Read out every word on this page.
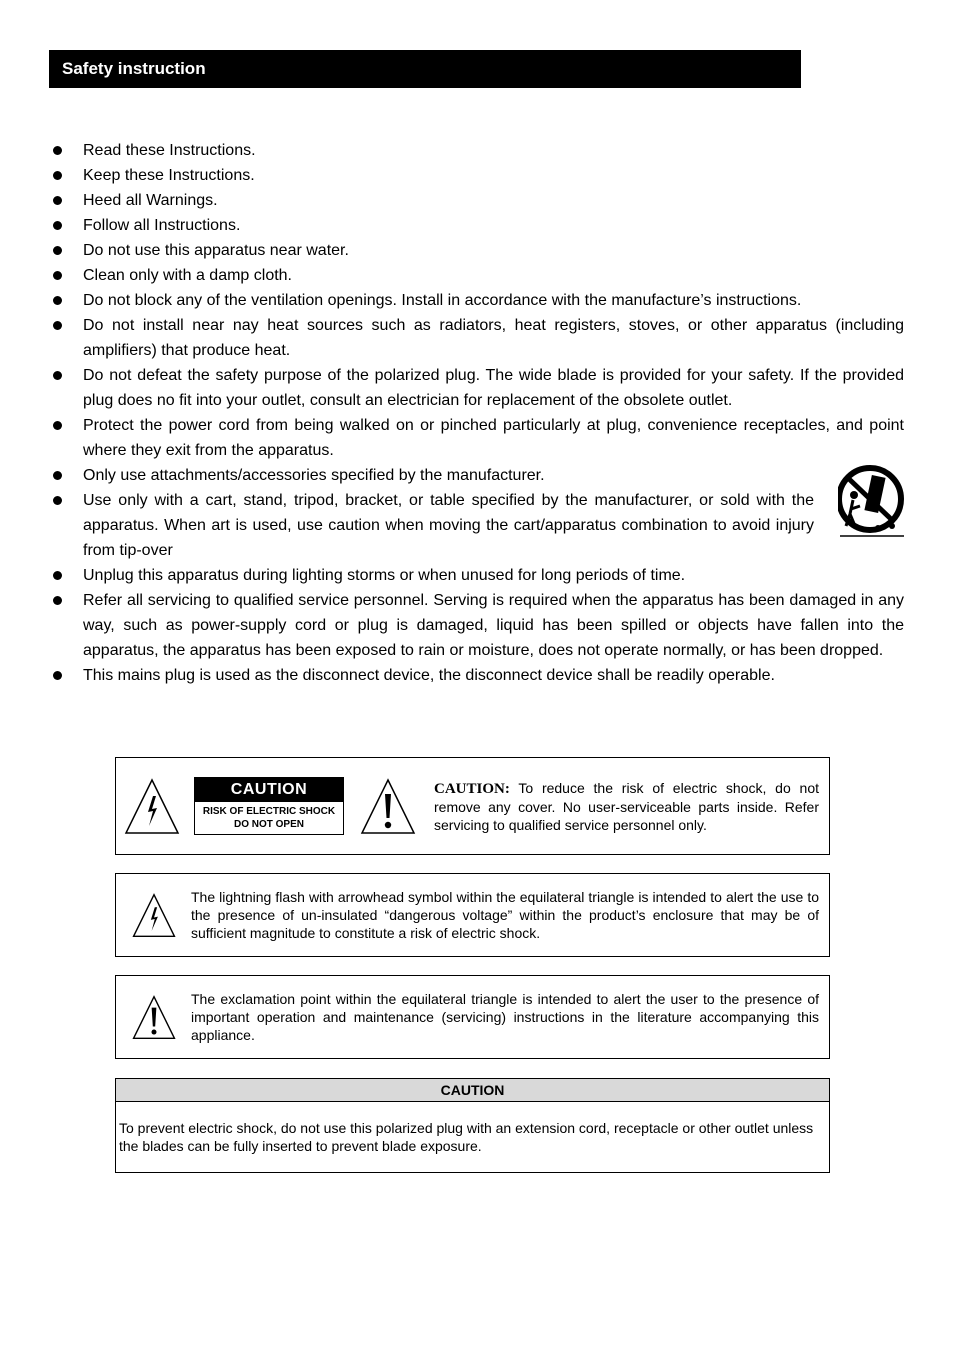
Safety instruction
Read these Instructions.
Keep these Instructions.
Heed all Warnings.
Follow all Instructions.
Do not use this apparatus near water.
Clean only with a damp cloth.
Do not block any of the ventilation openings. Install in accordance with the manufacture’s instructions.
Do not install near nay heat sources such as radiators, heat registers, stoves, or other apparatus (including amplifiers) that produce heat.
Do not defeat the safety purpose of the polarized plug. The wide blade is provided for your safety. If the provided plug does no fit into your outlet, consult an electrician for replacement of the obsolete outlet.
Protect the power cord from being walked on or pinched particularly at plug, convenience receptacles, and point where they exit from the apparatus.
Only use attachments/accessories specified by the manufacturer.
Use only with a cart, stand, tripod, bracket, or table specified by the manufacturer, or sold with the apparatus. When art is used, use caution when moving the cart/apparatus combination to avoid injury from tip-over
Unplug this apparatus during lighting storms or when unused for long periods of time.
Refer all servicing to qualified service personnel. Serving is required when the apparatus has been damaged in any way, such as power-supply cord or plug is damaged, liquid has been spilled or objects have fallen into the apparatus, the apparatus has been exposed to rain or moisture, does not operate normally, or has been dropped.
This mains plug is used as the disconnect device, the disconnect device shall be readily operable.
CAUTION
RISK OF ELECTRIC SHOCK
DO NOT OPEN
CAUTION: To reduce the risk of electric shock, do not remove any cover. No user-serviceable parts inside. Refer servicing to qualified service personnel only.
The lightning flash with arrowhead symbol within the equilateral triangle is intended to alert the use to the presence of un-insulated “dangerous voltage” within the product’s enclosure that may be of sufficient magnitude to constitute a risk of electric shock.
The exclamation point within the equilateral triangle is intended to alert the user to the presence of important operation and maintenance (servicing) instructions in the literature accompanying this appliance.
CAUTION
To prevent electric shock, do not use this polarized plug with an extension cord, receptacle or other outlet unless the blades can be fully inserted to prevent blade exposure.
